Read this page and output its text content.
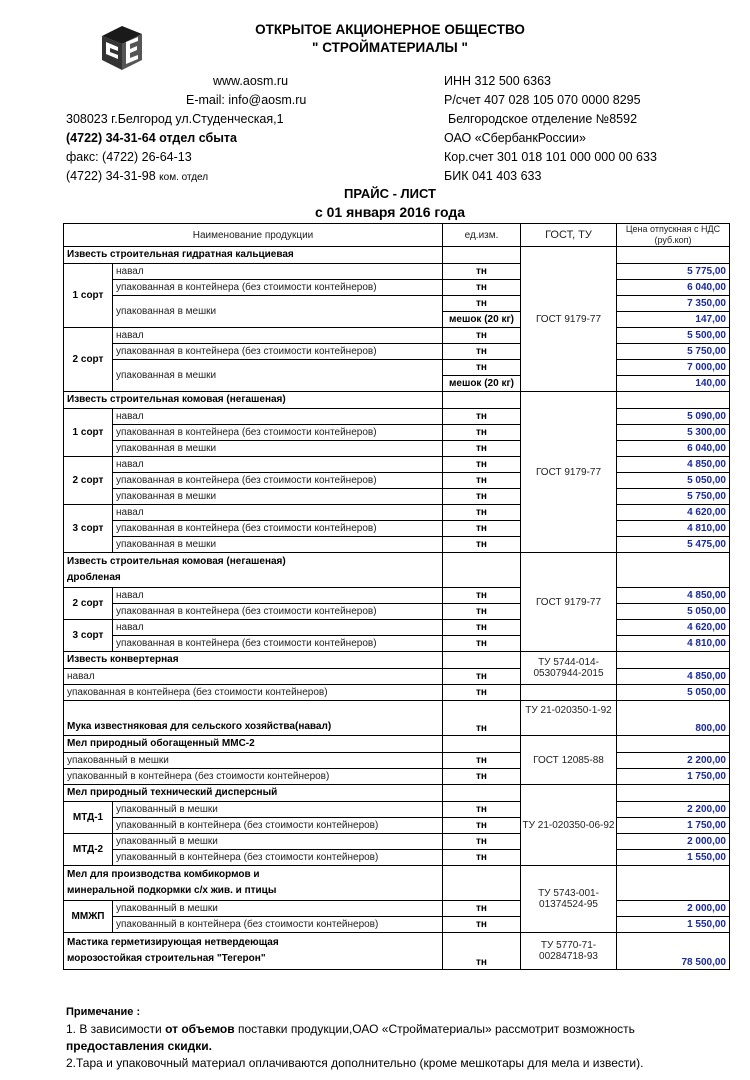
ОТКРЫТОЕ АКЦИОНЕРНОЕ ОБЩЕСТВО
" СТРОЙМАТЕРИАЛЫ "
www.aosm.ru
E-mail: info@aosm.ru
308023 г.Белгород ул.Студенческая,1
(4722) 34-31-64 отдел сбыта
факс: (4722) 26-64-13
(4722) 34-31-98 ком. отдел
ИНН 312 500 6363
Р/счет 407 028 105 070 0000 8295
Белгородское отделение №8592
ОАО «СбербанкРоссии»
Кор.счет 301 018 101 000 000 00 633
БИК 041 403 633
ПРАЙС - ЛИСТ
с 01 января 2016 года
Наименование продукции		ед.изм.	ГОСТ, ТУ	Цена отпускная с НДС (руб.коп)
Известь строительная гидратная кальциевая			ГОСТ 9179-77	
1 сорт	навал	тн		5 775,00
	упакованная в контейнера (без стоимости контейнеров)	тн		6 040,00
	упакованная в мешки	тн		7 350,00
		мешок (20 кг)		147,00
2 сорт	навал	тн		5 500,00
	упакованная в контейнера (без стоимости контейнеров)	тн		5 750,00
	упакованная в мешки	тн		7 000,00
		мешок (20 кг)		140,00
Известь строительная комовая (негашеная)			ГОСТ 9179-77	
1 сорт	навал	тн		5 090,00
	упакованная в контейнера (без стоимости контейнеров)	тн		5 300,00
	упакованная в мешки	тн		6 040,00
2 сорт	навал	тн		4 850,00
	упакованная в контейнера (без стоимости контейнеров)	тн		5 050,00
	упакованная в мешки	тн		5 750,00
3 сорт	навал	тн		4 620,00
	упакованная в контейнера (без стоимости контейнеров)	тн		4 810,00
	упакованная в мешки	тн		5 475,00
Известь строительная комовая (негашеная)
дробленая			ГОСТ 9179-77	
2 сорт	навал	тн		4 850,00
	упакованная в контейнера (без стоимости контейнеров)	тн		5 050,00
3 сорт	навал	тн		4 620,00
	упакованная в контейнера (без стоимости контейнеров)	тн		4 810,00
Известь конвертерная			ТУ 5744-014-05307944-2015	
навал		тн		4 850,00
упакованная в контейнера (без стоимости контейнеров)		тн		5 050,00
Мука известняковая для сельского хозяйства(навал)		тн	ТУ 21-020350-1-92	800,00
Мел природный обогащенный ММС-2			ГОСТ 12085-88	
упакованный в мешки		тн		2 200,00
упакованный в контейнера (без стоимости контейнеров)		тн		1 750,00
Мел природный технический дисперсный			ТУ 21-020350-06-92	
МТД-1	упакованный в мешки	тн		2 200,00
	упакованный в контейнера (без стоимости контейнеров)	тн		1 750,00
МТД-2	упакованный в мешки	тн		2 000,00
	упакованный в контейнера (без стоимости контейнеров)	тн		1 550,00
Мел для производства комбикормов и
минеральной подкормки с/х жив. и птицы			ТУ 5743-001-01374524-95	
ММЖП	упакованный в мешки	тн		2 000,00
	упакованный в контейнера (без стоимости контейнеров)	тн		1 550,00
Мастика герметизирующая нетвердеющая
морозостойкая строительная "Тегерон"		тн	ТУ 5770-71-00284718-93	78 500,00
Примечание :
1. В зависимости от объемов поставки продукции,ОАО «Стройматериалы» рассмотрит возможность
предоставления скидки.
2.Тара и упаковочный материал оплачиваются дополнительно (кроме мешкотары для мела и извести).
